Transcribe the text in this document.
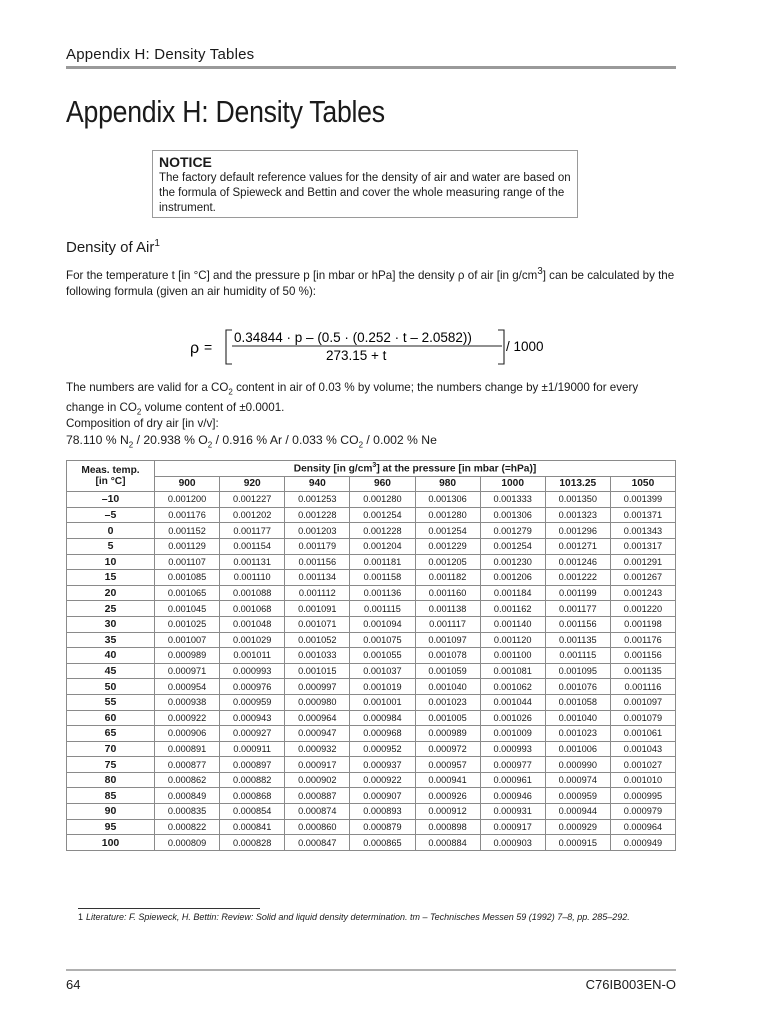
Appendix H: Density Tables
Appendix H: Density Tables
NOTICE
The factory default reference values for the density of air and water are based on the formula of Spieweck and Bettin and cover the whole measuring range of the instrument.
Density of Air$^1$
For the temperature t [in °C] and the pressure p [in mbar or hPa] the density ρ of air [in $g/cm^3$] can be calculated by the following formula (given an air humidity of 50 %):
ρ =
0.34844 · p – (0.5 · (0.252 · t – 2.0582))
273.15 + t
/ 1000
The numbers are valid for a $CO_2$ content in air of 0.03 % by volume; the numbers change by ±1/19000 for every change in $CO_2$ volume content of ±0.0001.
Composition of dry air [in v/v]:
78.110 % $N_2 / 20.938$ % $O_2 / 0.916$ % Ar / 0.033 % $CO_2 / 0.002$ % Ne
Meas. temp.
[in °C]	Density [in $g/cm^3$] at the pressure [in mbar (=hPa)]							
	900	920	940	960	980	1000	1013.25	1050
–10	0.001200	0.001227	0.001253	0.001280	0.001306	0.001333	0.001350	0.001399
–5	0.001176	0.001202	0.001228	0.001254	0.001280	0.001306	0.001323	0.001371
0	0.001152	0.001177	0.001203	0.001228	0.001254	0.001279	0.001296	0.001343
5	0.001129	0.001154	0.001179	0.001204	0.001229	0.001254	0.001271	0.001317
10	0.001107	0.001131	0.001156	0.001181	0.001205	0.001230	0.001246	0.001291
15	0.001085	0.001110	0.001134	0.001158	0.001182	0.001206	0.001222	0.001267
20	0.001065	0.001088	0.001112	0.001136	0.001160	0.001184	0.001199	0.001243
25	0.001045	0.001068	0.001091	0.001115	0.001138	0.001162	0.001177	0.001220
30	0.001025	0.001048	0.001071	0.001094	0.001117	0.001140	0.001156	0.001198
35	0.001007	0.001029	0.001052	0.001075	0.001097	0.001120	0.001135	0.001176
40	0.000989	0.001011	0.001033	0.001055	0.001078	0.001100	0.001115	0.001156
45	0.000971	0.000993	0.001015	0.001037	0.001059	0.001081	0.001095	0.001135
50	0.000954	0.000976	0.000997	0.001019	0.001040	0.001062	0.001076	0.001116
55	0.000938	0.000959	0.000980	0.001001	0.001023	0.001044	0.001058	0.001097
60	0.000922	0.000943	0.000964	0.000984	0.001005	0.001026	0.001040	0.001079
65	0.000906	0.000927	0.000947	0.000968	0.000989	0.001009	0.001023	0.001061
70	0.000891	0.000911	0.000932	0.000952	0.000972	0.000993	0.001006	0.001043
75	0.000877	0.000897	0.000917	0.000937	0.000957	0.000977	0.000990	0.001027
80	0.000862	0.000882	0.000902	0.000922	0.000941	0.000961	0.000974	0.001010
85	0.000849	0.000868	0.000887	0.000907	0.000926	0.000946	0.000959	0.000995
90	0.000835	0.000854	0.000874	0.000893	0.000912	0.000931	0.000944	0.000979
95	0.000822	0.000841	0.000860	0.000879	0.000898	0.000917	0.000929	0.000964
100	0.000809	0.000828	0.000847	0.000865	0.000884	0.000903	0.000915	0.000949
1 Literature: F. Spieweck, H. Bettin: Review: Solid and liquid density determination. tm – Technisches Messen 59 (1992) 7–8, pp. 285–292.
64	C76IB003EN-O
